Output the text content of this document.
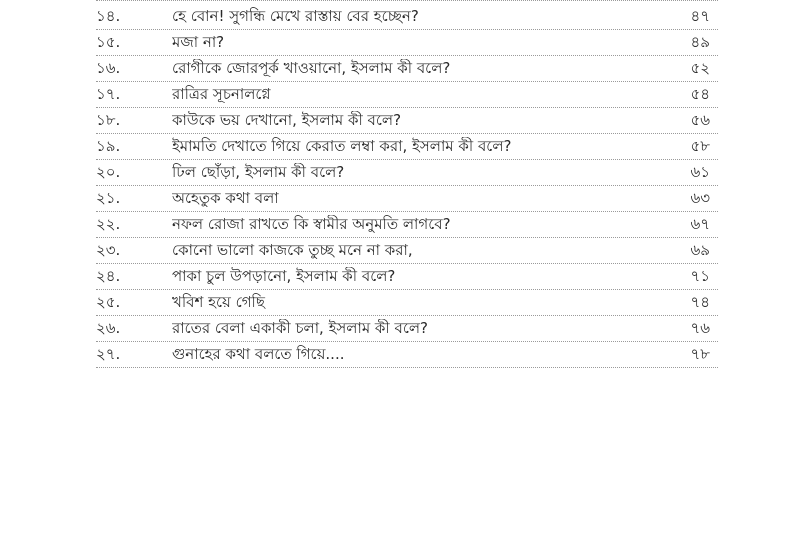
১৪.	হে বোন! সুগন্ধি মেখে রাস্তায় বের হচ্ছেন?	৪৭
১৫.	মজা না?	৪৯
১৬.	রোগীকে জোরপূর্ক খাওয়ানো, ইসলাম কী বলে?	৫২
১৭.	রাত্রির সূচনালগ্নে	৫৪
১৮.	কাউকে ভয় দেখানো, ইসলাম কী বলে?	৫৬
১৯.	ইমামতি দেখাতে গিয়ে কেরাত লম্বা করা, ইসলাম কী বলে?	৫৮
২০.	ঢিল ছোঁড়া, ইসলাম কী বলে?	৬১
২১.	অহেতুক কথা বলা	৬৩
২২.	নফল রোজা রাখতে কি স্বামীর অনুমতি লাগবে?	৬৭
২৩.	কোনো ভালো কাজকে তুচ্ছ মনে না করা,	৬৯
২৪.	পাকা চুল উপড়ানো, ইসলাম কী বলে?	৭১
২৫.	খবিশ হয়ে গেছি	৭৪
২৬.	রাতের বেলা একাকী চলা, ইসলাম কী বলে?	৭৬
২৭.	গুনাহের কথা বলতে গিয়ে....	৭৮
